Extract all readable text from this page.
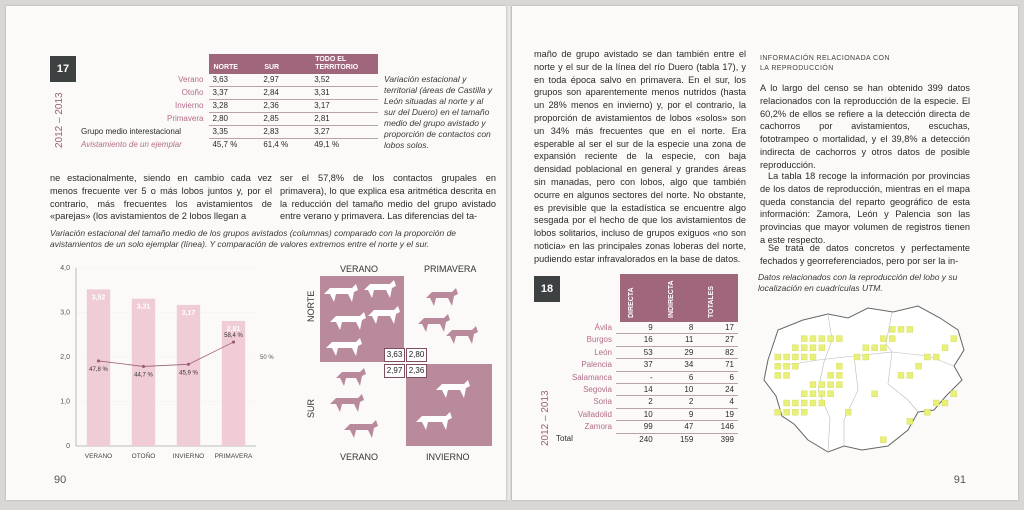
17
2012 – 2013
	NORTE	SUR	TODO EL TERRITORIO
Verano	3,63	2,97	3,52
Otoño	3,37	2,84	3,31
Invierno	3,28	2,36	3,17
Primavera	2,80	2,85	2,81
Grupo medio interestacional	3,35	2,83	3,27
Avistamiento de un ejemplar	45,7 %	61,4 %	49,1 %
Variación estacional y territorial (áreas de Castilla y León situadas al norte y al sur del Duero) en el tamaño medio del grupo avistado y proporción de contactos con lobos solos.
ne estacionalmente, siendo en cambio cada vez menos frecuente ver 5 o más lobos juntos y, por el contrario, más frecuentes los avistamientos de «parejas» (los avistamientos de 2 lobos llegan a
ser el 57,8% de los contactos grupales en primavera), lo que explica esa aritmética descrita en la reducción del tamaño medio del grupo avistado entre verano y primavera. Las diferencias del ta-
Variación estacional del tamaño medio de los grupos avistados (columnas) comparado con la proporción de avistamientos de un solo ejemplar (línea). Y comparación de valores extremos entre el norte y el sur.
0
1,0
2,0
3,0
4,0
3,52
VERANO
3,31
OTOÑO
3,17
INVIERNO
2,81
PRIMAVERA
47,8 %
44,7 %	45,9 %
58,4 %
50 %
VERANO	PRIMAVERA
NORTE
SUR
3,63 2,80
2,97 2,36
VERANO	INVIERNO
90
maño de grupo avistado se dan también entre el norte y el sur de la línea del río Duero (tabla 17), y en toda época salvo en primavera. En el sur, los grupos son aparentemente menos nutridos (hasta un 28% menos en invierno) y, por el contrario, la proporción de avistamientos de lobos «solos» son un 34% más frecuentes que en el norte. Era esperable al ser el sur de la especie una zona de expansión reciente de la especie, con baja densidad poblacional en general y grandes áreas sin manadas, pero con lobos, algo que también ocurre en algunos sectores del norte. No obstante, es previsible que la estadística se encuentre algo sesgada por el hecho de que los avistamientos de lobos solitarios, incluso de grupos exiguos «no son noticia» en las principales zonas loberas del norte, pudiendo estar infravalorados en la base de datos.
INFORMACIÓN RELACIONADA CON LA REPRODUCCIÓN
A lo largo del censo se han obtenido 399 datos relacionados con la reproducción de la especie. El 60,2% de ellos se refiere a la detección directa de cachorros por avistamientos, escuchas, fototrampeo o mortalidad, y el 39,8% a detección indirecta de cachorros y otros datos de posible reproducción.
La tabla 18 recoge la información por provincias de los datos de reproducción, mientras en el mapa queda constancia del reparto geográfico de esta información: Zamora, León y Palencia son las provincias que mayor volumen de registros tienen a este respecto.
Se trata de datos concretos y perfectamente fechados y georreferenciados, pero por ser la in-
18
2012 – 2013
DIRECTA	INDIRECTA	TOTALES
Ávila	9	8	17
Burgos	16	11	27
León	53	29	82
Palencia	37	34	71
Salamanca	-	6	6
Segovia	14	10	24
Soria	2	2	4
Valladolid	10	9	19
Zamora	99	47	146
Total	240	159	399
Datos relacionados con la reproducción del lobo y su localización en cuadrículas UTM.
91
